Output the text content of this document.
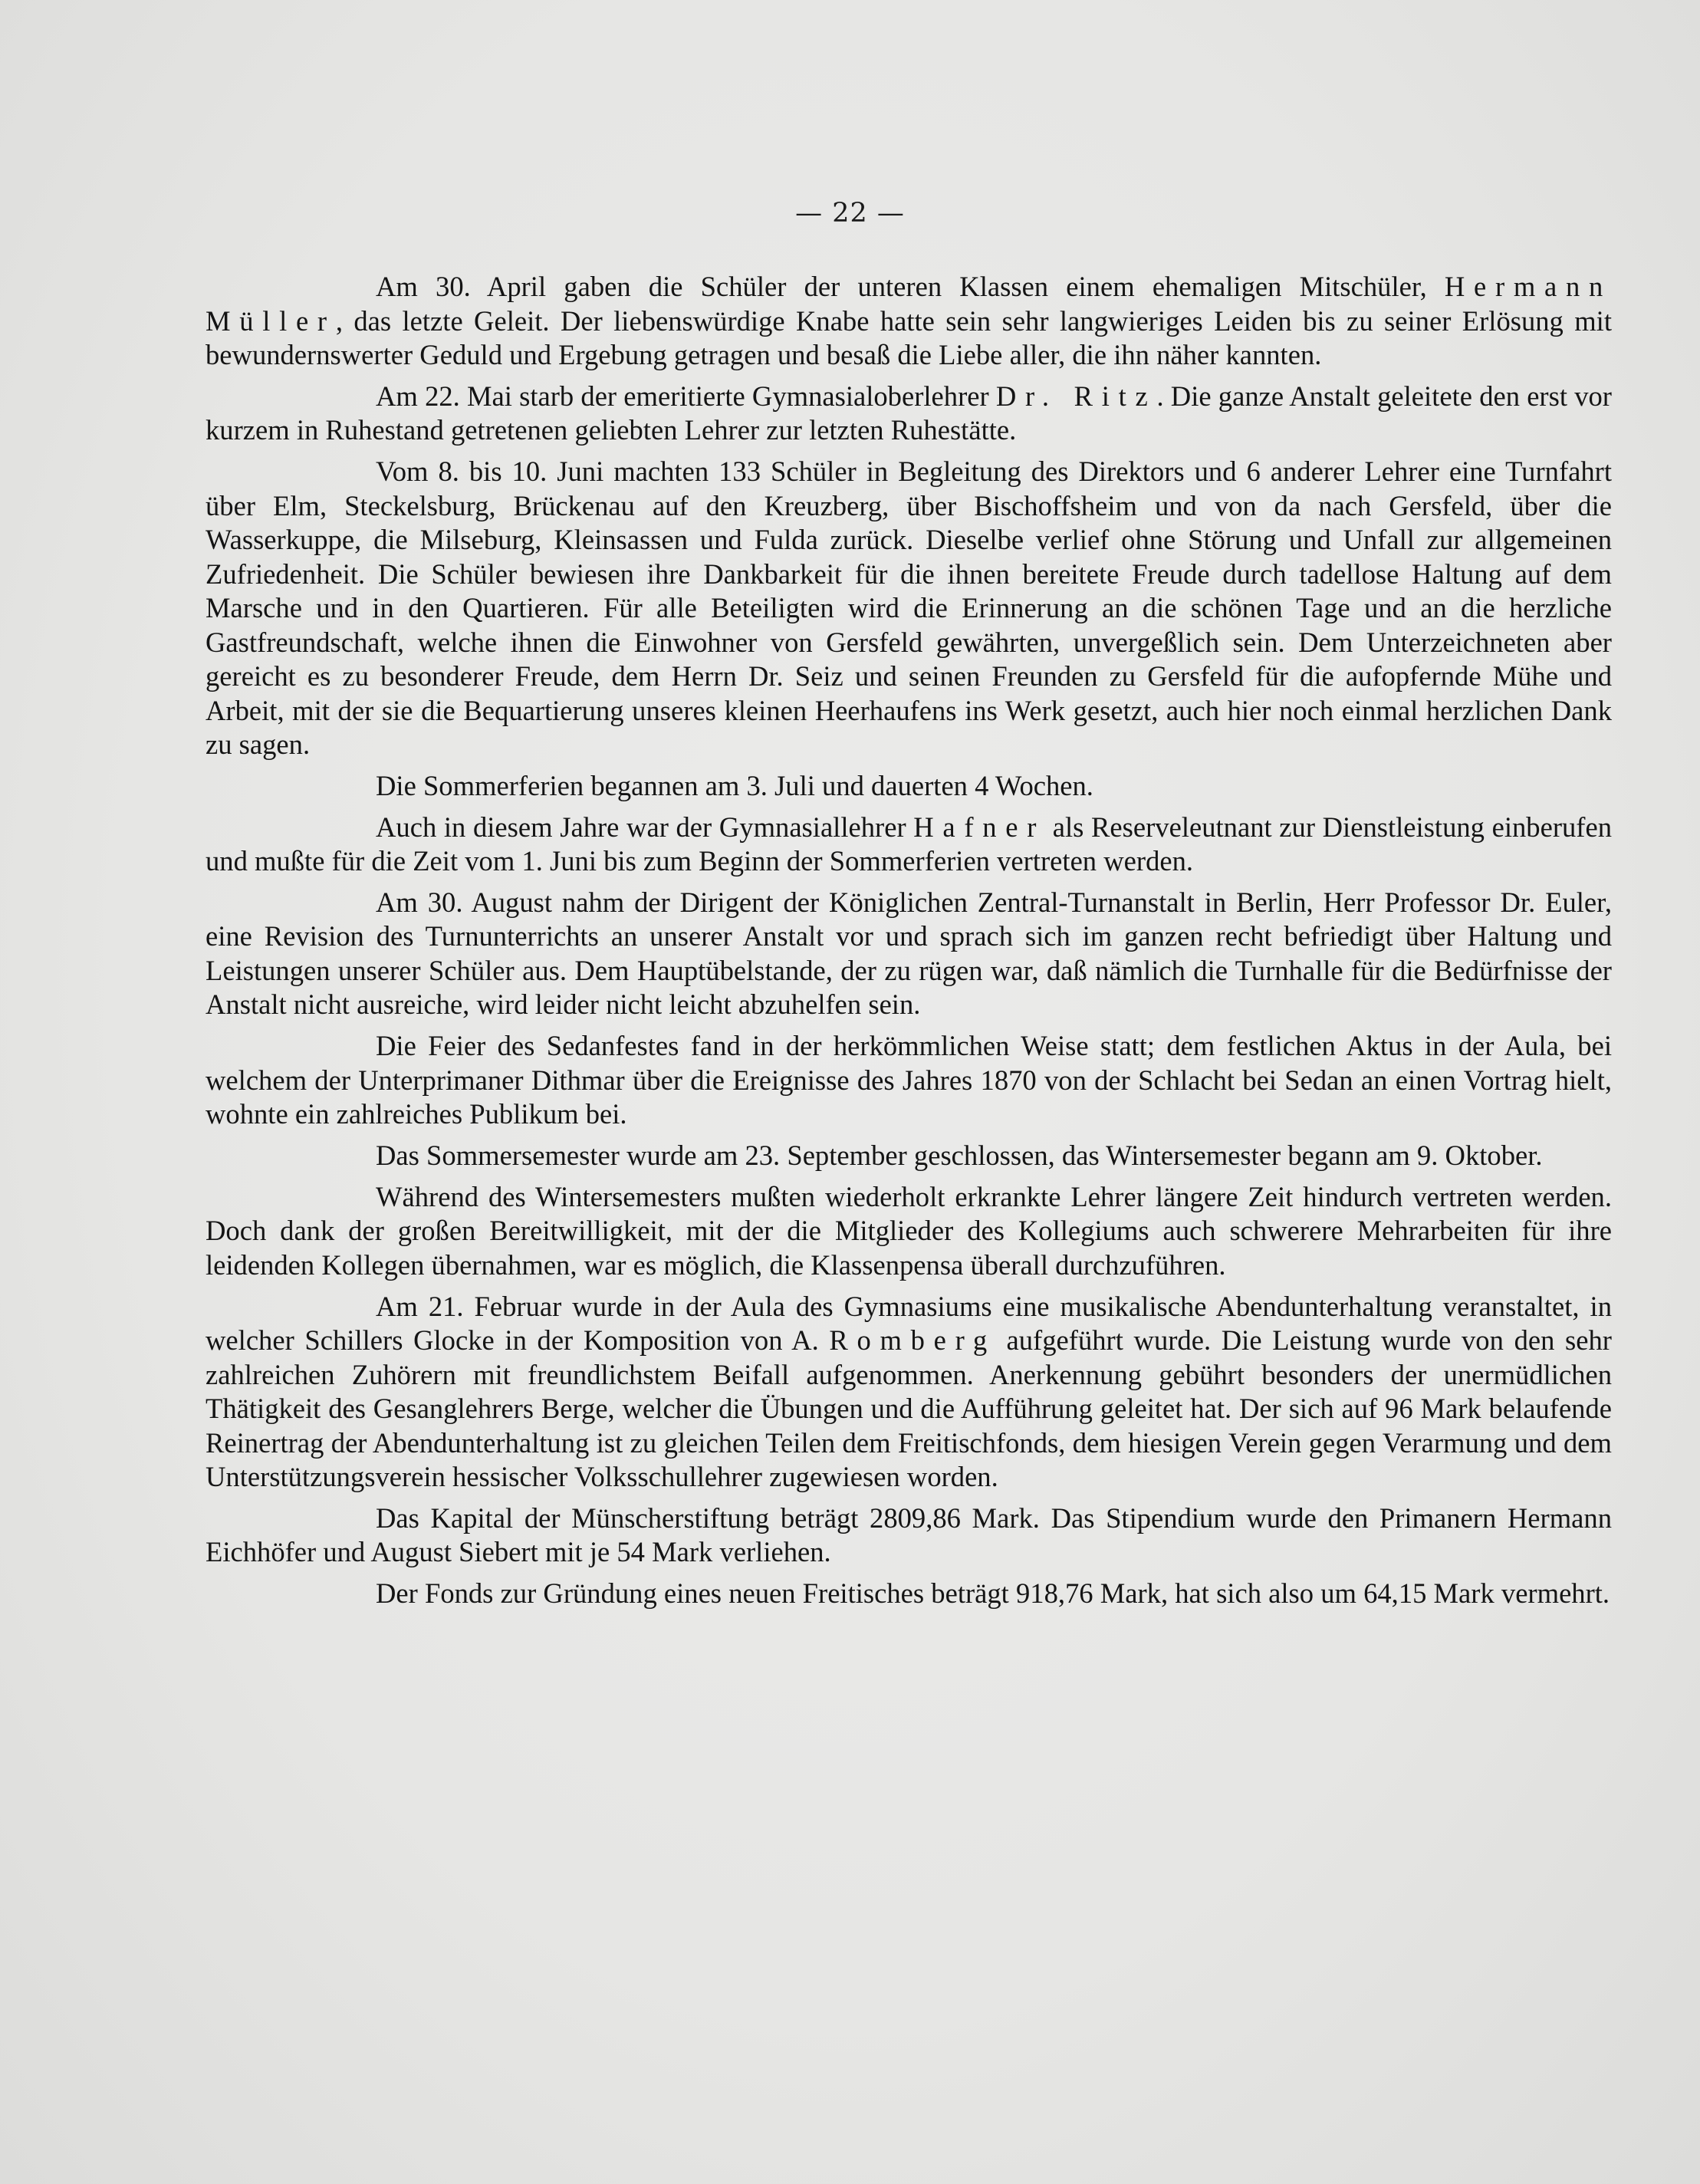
— 22 —

Am 30. April gaben die Schüler der unteren Klassen einem ehemaligen Mitschüler, Hermann Müller, das letzte Geleit. Der liebenswürdige Knabe hatte sein sehr langwieriges Leiden bis zu seiner Erlösung mit bewundernswerter Geduld und Ergebung getragen und besaß die Liebe aller, die ihn näher kannten.

Am 22. Mai starb der emeritierte Gymnasialoberlehrer Dr. Ritz. Die ganze Anstalt geleitete den erst vor kurzem in Ruhestand getretenen geliebten Lehrer zur letzten Ruhestätte.

Vom 8. bis 10. Juni machten 133 Schüler in Begleitung des Direktors und 6 anderer Lehrer eine Turnfahrt über Elm, Steckelsburg, Brückenau auf den Kreuzberg, über Bischoffsheim und von da nach Gersfeld, über die Wasserkuppe, die Milseburg, Kleinsassen und Fulda zurück. Dieselbe verlief ohne Störung und Unfall zur allgemeinen Zufriedenheit. Die Schüler bewiesen ihre Dankbarkeit für die ihnen bereitete Freude durch tadellose Haltung auf dem Marsche und in den Quartieren. Für alle Beteiligten wird die Erinnerung an die schönen Tage und an die herzliche Gastfreundschaft, welche ihnen die Einwohner von Gersfeld gewährten, unvergeßlich sein. Dem Unterzeichneten aber gereicht es zu besonderer Freude, dem Herrn Dr. Seiz und seinen Freunden zu Gersfeld für die aufopfernde Mühe und Arbeit, mit der sie die Bequartierung unseres kleinen Heerhaufens ins Werk gesetzt, auch hier noch einmal herzlichen Dank zu sagen.

Die Sommerferien begannen am 3. Juli und dauerten 4 Wochen.

Auch in diesem Jahre war der Gymnasiallehrer Hafner als Reserveleutnant zur Dienstleistung einberufen und mußte für die Zeit vom 1. Juni bis zum Beginn der Sommerferien vertreten werden.

Am 30. August nahm der Dirigent der Königlichen Zentral-Turnanstalt in Berlin, Herr Professor Dr. Euler, eine Revision des Turnunterrichts an unserer Anstalt vor und sprach sich im ganzen recht befriedigt über Haltung und Leistungen unserer Schüler aus. Dem Hauptübelstande, der zu rügen war, daß nämlich die Turnhalle für die Bedürfnisse der Anstalt nicht ausreiche, wird leider nicht leicht abzuhelfen sein.

Die Feier des Sedanfestes fand in der herkömmlichen Weise statt; dem festlichen Aktus in der Aula, bei welchem der Unterprimaner Dithmar über die Ereignisse des Jahres 1870 von der Schlacht bei Sedan an einen Vortrag hielt, wohnte ein zahlreiches Publikum bei.

Das Sommersemester wurde am 23. September geschlossen, das Wintersemester begann am 9. Oktober.

Während des Wintersemesters mußten wiederholt erkrankte Lehrer längere Zeit hindurch vertreten werden. Doch dank der großen Bereitwilligkeit, mit der die Mitglieder des Kollegiums auch schwerere Mehrarbeiten für ihre leidenden Kollegen übernahmen, war es möglich, die Klassenpensa überall durchzuführen.

Am 21. Februar wurde in der Aula des Gymnasiums eine musikalische Abendunterhaltung veranstaltet, in welcher Schillers Glocke in der Komposition von A. Romberg aufgeführt wurde. Die Leistung wurde von den sehr zahlreichen Zuhörern mit freundlichstem Beifall aufgenommen. Anerkennung gebührt besonders der unermüdlichen Thätigkeit des Gesanglehrers Berge, welcher die Übungen und die Aufführung geleitet hat. Der sich auf 96 Mark belaufende Reinertrag der Abendunterhaltung ist zu gleichen Teilen dem Freitischfonds, dem hiesigen Verein gegen Verarmung und dem Unterstützungsverein hessischer Volksschullehrer zugewiesen worden.

Das Kapital der Münscherstiftung beträgt 2809,86 Mark. Das Stipendium wurde den Primanern Hermann Eichhöfer und August Siebert mit je 54 Mark verliehen.

Der Fonds zur Gründung eines neuen Freitisches beträgt 918,76 Mark, hat sich also um 64,15 Mark vermehrt.
